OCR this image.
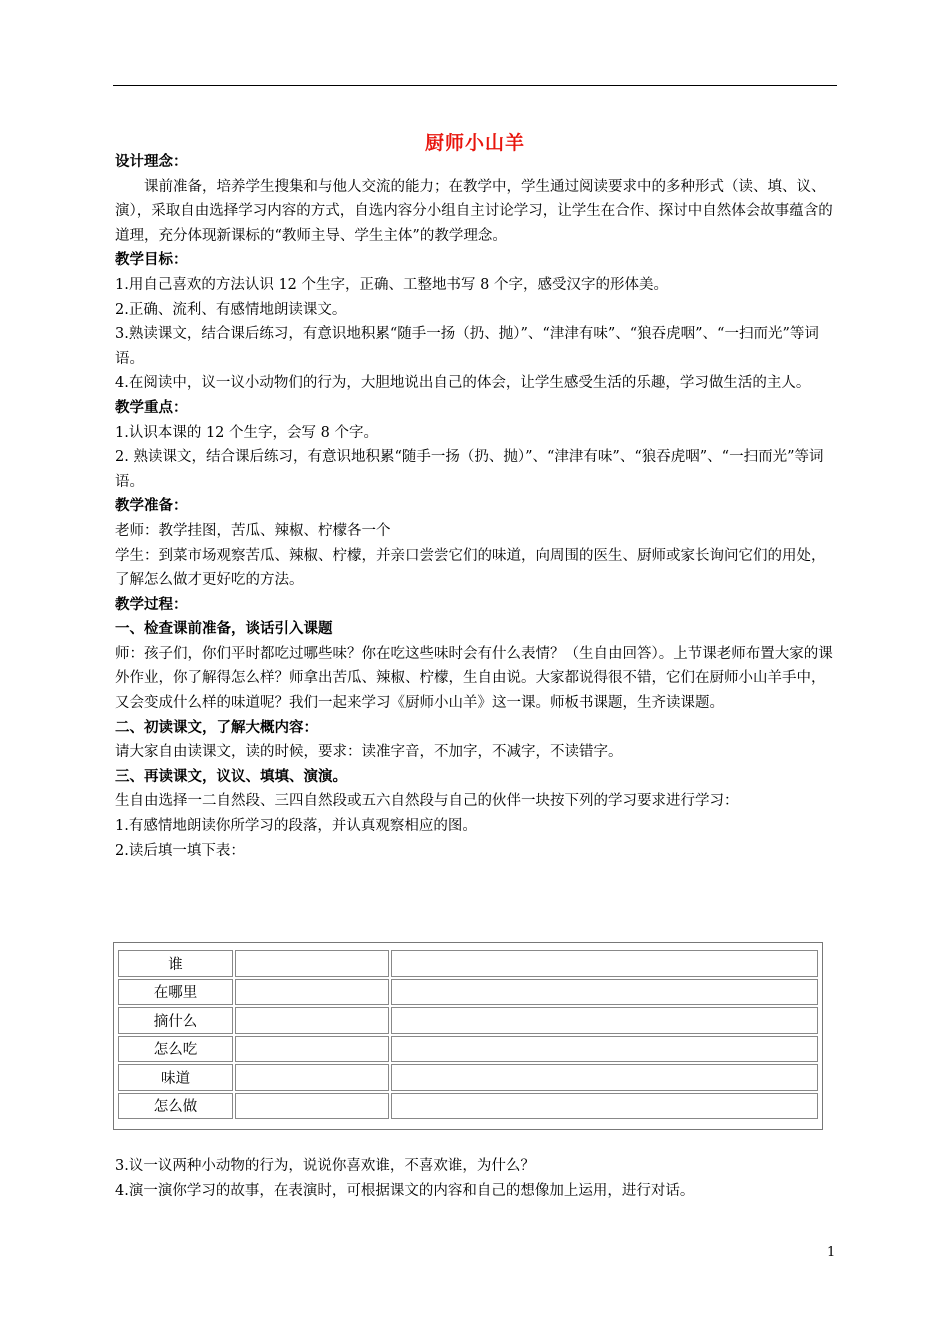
厨师小山羊

设计理念：

课前准备，培养学生搜集和与他人交流的能力；在教学中，学生通过阅读要求中的多种形式（读、填、议、演），采取自由选择学习内容的方式，自选内容分小组自主讨论学习，让学生在合作、探讨中自然体会故事蕴含的道理，充分体现新课标的“教师主导、学生主体”的教学理念。

教学目标：

1.用自己喜欢的方法认识 12 个生字，正确、工整地书写 8 个字，感受汉字的形体美。

2.正确、流利、有感情地朗读课文。

3.熟读课文，结合课后练习，有意识地积累“随手一扬（扔、抛）”、“津津有味”、“狼吞虎咽”、“一扫而光”等词语。

4.在阅读中，议一议小动物们的行为，大胆地说出自己的体会，让学生感受生活的乐趣，学习做生活的主人。

教学重点：

1.认识本课的 12 个生字，会写 8 个字。

2. 熟读课文，结合课后练习，有意识地积累“随手一扬（扔、抛）”、“津津有味”、“狼吞虎咽”、“一扫而光”等词语。

教学准备：

老师：教学挂图，苦瓜、辣椒、柠檬各一个

学生：到菜市场观察苦瓜、辣椒、柠檬，并亲口尝尝它们的味道，向周围的医生、厨师或家长询问它们的用处，了解怎么做才更好吃的方法。

教学过程：

一、检查课前准备，谈话引入课题

师：孩子们，你们平时都吃过哪些味？你在吃这些味时会有什么表情？（生自由回答）。上节课老师布置大家的课外作业，你了解得怎么样？师拿出苦瓜、辣椒、柠檬，生自由说。大家都说得很不错，它们在厨师小山羊手中，又会变成什么样的味道呢？我们一起来学习《厨师小山羊》这一课。师板书课题，生齐读课题。

二、初读课文，了解大概内容：

请大家自由读课文，读的时候，要求：读准字音，不加字，不减字，不读错字。

三、再读课文，议议、填填、演演。

生自由选择一二自然段、三四自然段或五六自然段与自己的伙伴一块按下列的学习要求进行学习：

1.有感情地朗读你所学习的段落，并认真观察相应的图。

2.读后填一填下表：

谁		
在哪里		
摘什么		
怎么吃		
味道		
怎么做		

3.议一议两种小动物的行为，说说你喜欢谁，不喜欢谁，为什么？

4.演一演你学习的故事，在表演时，可根据课文的内容和自己的想像加上运用，进行对话。

1
